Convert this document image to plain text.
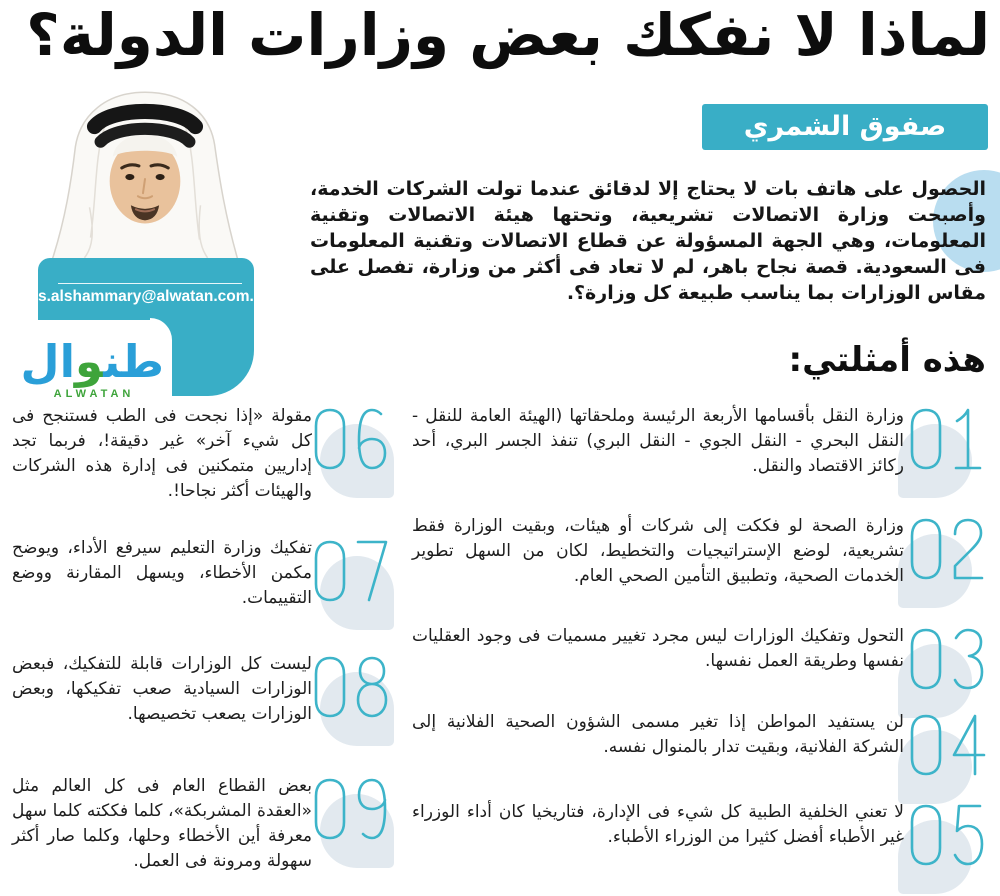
لماذا لا نفكك بعض وزارات الدولة؟
s.alshammary@alwatan.com.sa
طنوال
ALWATAN
صفوق الشمري

الحصول على هاتف بات لا يحتاج إلا لدقائق عندما تولت الشركات الخدمة، وأصبحت وزارة الاتصالات تشريعية، وتحتها هيئة الاتصالات وتقنية المعلومات، وهي الجهة المسؤولة عن قطاع الاتصالات وتقنية المعلومات فى السعودية. قصة نجاح باهر، لم لا تعاد فى أكثر من وزارة، تفصل على مقاس الوزارات بما يناسب طبيعة كل وزارة؟.

هذه أمثلتي:
وزارة النقل بأقسامها الأربعة الرئيسة وملحقاتها (الهيئة العامة للنقل - النقل البحري - النقل الجوي - النقل البري) تنفذ الجسر البري، أحد ركائز الاقتصاد والنقل.
وزارة الصحة لو فككت إلى شركات أو هيئات، وبقيت الوزارة فقط تشريعية، لوضع الإستراتيجيات والتخطيط، لكان من السهل تطوير الخدمات الصحية، وتطبيق التأمين الصحي العام.
التحول وتفكيك الوزارات ليس مجرد تغيير مسميات فى وجود العقليات نفسها وطريقة العمل نفسها.
لن يستفيد المواطن إذا تغير مسمى الشؤون الصحية الفلانية إلى الشركة الفلانية، وبقيت تدار بالمنوال نفسه.
لا تعني الخلفية الطبية كل شيء فى الإدارة، فتاريخيا كان أداء الوزراء غير الأطباء أفضل كثيرا من الوزراء الأطباء.
مقولة «إذا نجحت فى الطب فستنجح فى كل شيء آخر» غير دقيقة!، فربما تجد إداريين متمكنين فى إدارة هذه الشركات والهيئات أكثر نجاحا!.
تفكيك وزارة التعليم سيرفع الأداء، ويوضح مكمن الأخطاء، ويسهل المقارنة ووضع التقييمات.
ليست كل الوزارات قابلة للتفكيك، فبعض الوزارات السيادية صعب تفكيكها، وبعض الوزارات يصعب تخصيصها.
بعض القطاع العام فى كل العالم مثل «العقدة المشربكة»، كلما فككته كلما سهل معرفة أين الأخطاء وحلها، وكلما صار أكثر سهولة ومرونة فى العمل.
